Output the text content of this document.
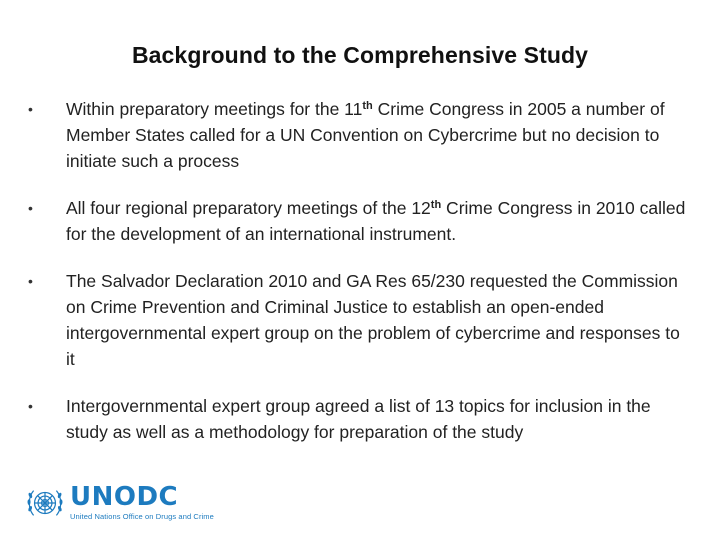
Background to the Comprehensive Study
•	Within preparatory meetings for the 11th Crime Congress in 2005 a number of Member States called for a UN Convention on Cybercrime but no decision to initiate such a process
•	All four regional preparatory meetings of the 12th Crime Congress in 2010 called for the development of an international instrument.
•	The Salvador Declaration 2010 and GA Res 65/230 requested the Commission on Crime Prevention and Criminal Justice to establish an open-ended intergovernmental expert group on the problem of cybercrime and responses to it
•	Intergovernmental expert group agreed a list of 13 topics for inclusion in the study as well as a methodology for preparation of the study
UNODC
United Nations Office on Drugs and Crime
